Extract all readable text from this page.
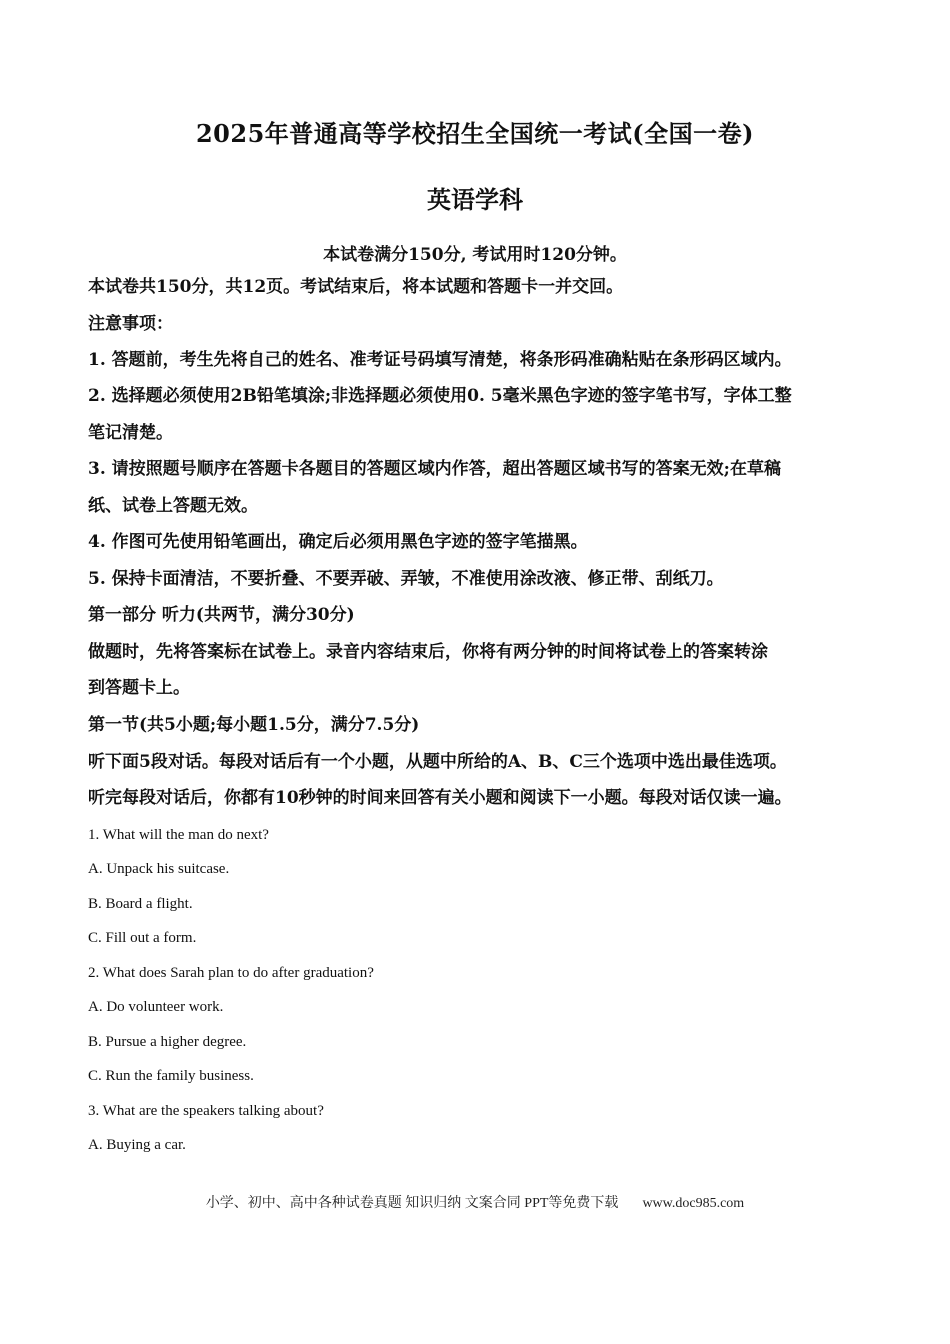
2025年普通高等学校招生全国统一考试(全国一卷)
英语学科
本试卷满分150分, 考试用时120分钟。
本试卷共150分，共12页。考试结束后，将本试题和答题卡一并交回。
注意事项：
1. 答题前，考生先将自己的姓名、准考证号码填写清楚，将条形码准确粘贴在条形码区域内。
2. 选择题必须使用2B铅笔填涂;非选择题必须使用0. 5毫米黑色字迹的签字笔书写，字体工整
笔记清楚。
3. 请按照题号顺序在答题卡各题目的答题区域内作答，超出答题区域书写的答案无效;在草稿
纸、试卷上答题无效。
4. 作图可先使用铅笔画出，确定后必须用黑色字迹的签字笔描黑。
5. 保持卡面清洁，不要折叠、不要弄破、弄皱，不准使用涂改液、修正带、刮纸刀。
第一部分 听力(共两节，满分30分)
做题时，先将答案标在试卷上。录音内容结束后，你将有两分钟的时间将试卷上的答案转涂
到答题卡上。
第一节(共5小题;每小题1.5分，满分7.5分)
听下面5段对话。每段对话后有一个小题，从题中所给的A、B、C三个选项中选出最佳选项。
听完每段对话后，你都有10秒钟的时间来回答有关小题和阅读下一小题。每段对话仅读一遍。
1. What will the man do next?
A. Unpack his suitcase.
B. Board a flight.
C. Fill out a form.
2. What does Sarah plan to do after graduation?
A. Do volunteer work.
B. Pursue a higher degree.
C. Run the family business.
3. What are the speakers talking about?
A. Buying a car.
小学、初中、高中各种试卷真题 知识归纳 文案合同 PPT等免费下载 www.doc985.com
